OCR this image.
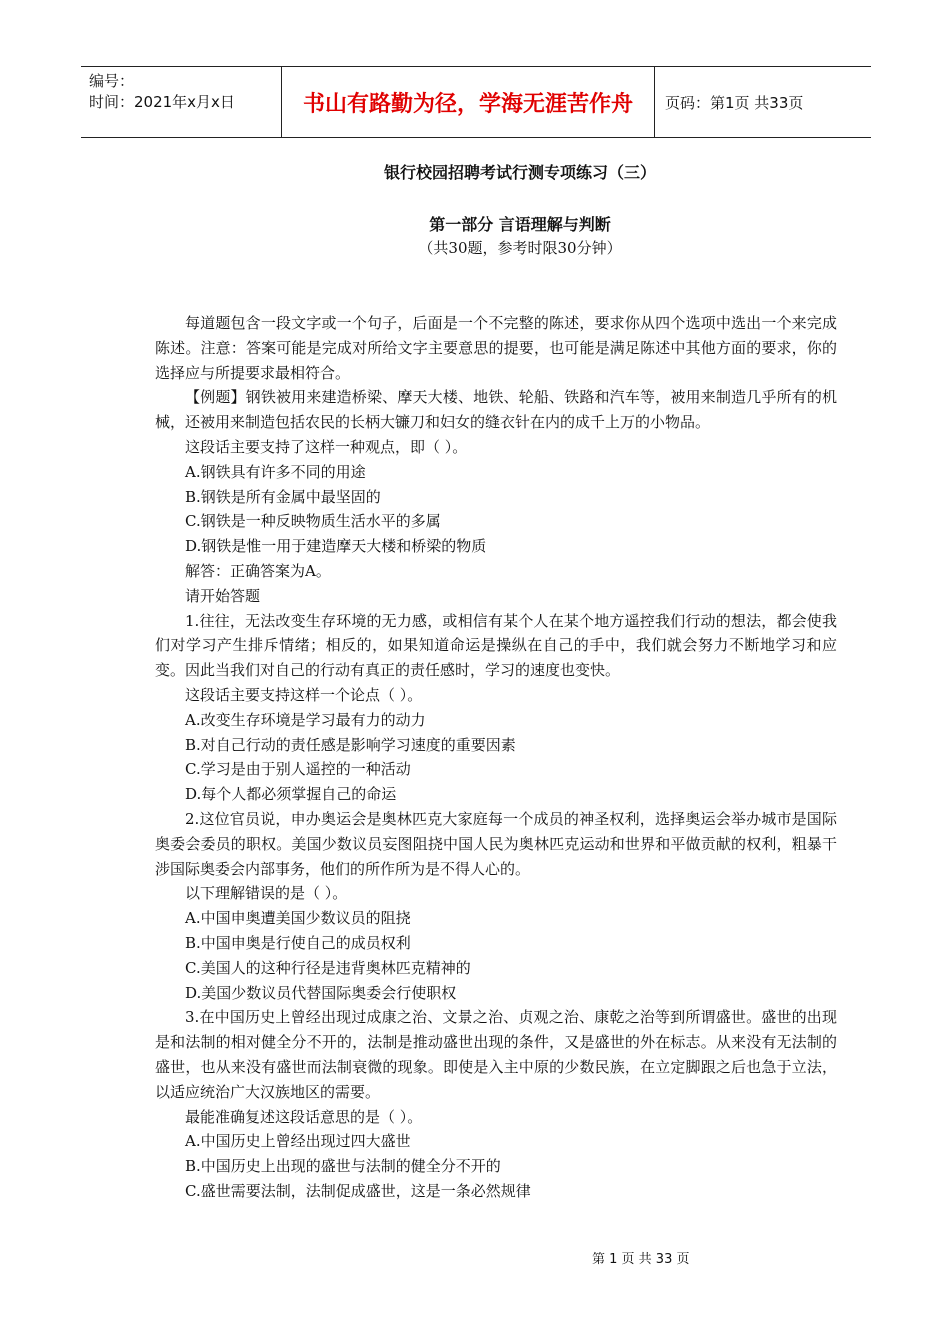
编号：
时间：2021年x月x日	书山有路勤为径，学海无涯苦作舟	页码：第1页 共33页
银行校园招聘考试行测专项练习（三）
第一部分 言语理解与判断
（共30题，参考时限30分钟）

每道题包含一段文字或一个句子，后面是一个不完整的陈述，要求你从四个选项中选出一个来完成陈述。注意：答案可能是完成对所给文字主要意思的提要，也可能是满足陈述中其他方面的要求，你的选择应与所提要求最相符合。

【例题】钢铁被用来建造桥梁、摩天大楼、地铁、轮船、铁路和汽车等，被用来制造几乎所有的机械，还被用来制造包括农民的长柄大镰刀和妇女的缝衣针在内的成千上万的小物品。

这段话主要支持了这样一种观点，即（ ）。

A.钢铁具有许多不同的用途

B.钢铁是所有金属中最坚固的

C.钢铁是一种反映物质生活水平的多属

D.钢铁是惟一用于建造摩天大楼和桥梁的物质

解答：正确答案为A。

请开始答题

1.往往，无法改变生存环境的无力感，或相信有某个人在某个地方遥控我们行动的想法，都会使我们对学习产生排斥情绪；相反的，如果知道命运是操纵在自己的手中，我们就会努力不断地学习和应变。因此当我们对自己的行动有真正的责任感时，学习的速度也变快。

这段话主要支持这样一个论点（ ）。

A.改变生存环境是学习最有力的动力

B.对自己行动的责任感是影响学习速度的重要因素

C.学习是由于别人遥控的一种活动

D.每个人都必须掌握自己的命运

2.这位官员说，申办奥运会是奥林匹克大家庭每一个成员的神圣权利，选择奥运会举办城市是国际奥委会委员的职权。美国少数议员妄图阻挠中国人民为奥林匹克运动和世界和平做贡献的权利，粗暴干涉国际奥委会内部事务，他们的所作所为是不得人心的。

以下理解错误的是（ ）。

A.中国申奥遭美国少数议员的阻挠

B.中国申奥是行使自己的成员权利

C.美国人的这种行径是违背奥林匹克精神的

D.美国少数议员代替国际奥委会行使职权

3.在中国历史上曾经出现过成康之治、文景之治、贞观之治、康乾之治等到所谓盛世。盛世的出现是和法制的相对健全分不开的，法制是推动盛世出现的条件，又是盛世的外在标志。从来没有无法制的盛世，也从来没有盛世而法制衰微的现象。即使是入主中原的少数民族，在立定脚跟之后也急于立法，以适应统治广大汉族地区的需要。

最能准确复述这段话意思的是（ ）。

A.中国历史上曾经出现过四大盛世

B.中国历史上出现的盛世与法制的健全分不开的

C.盛世需要法制，法制促成盛世，这是一条必然规律

第 1 页 共 33 页
